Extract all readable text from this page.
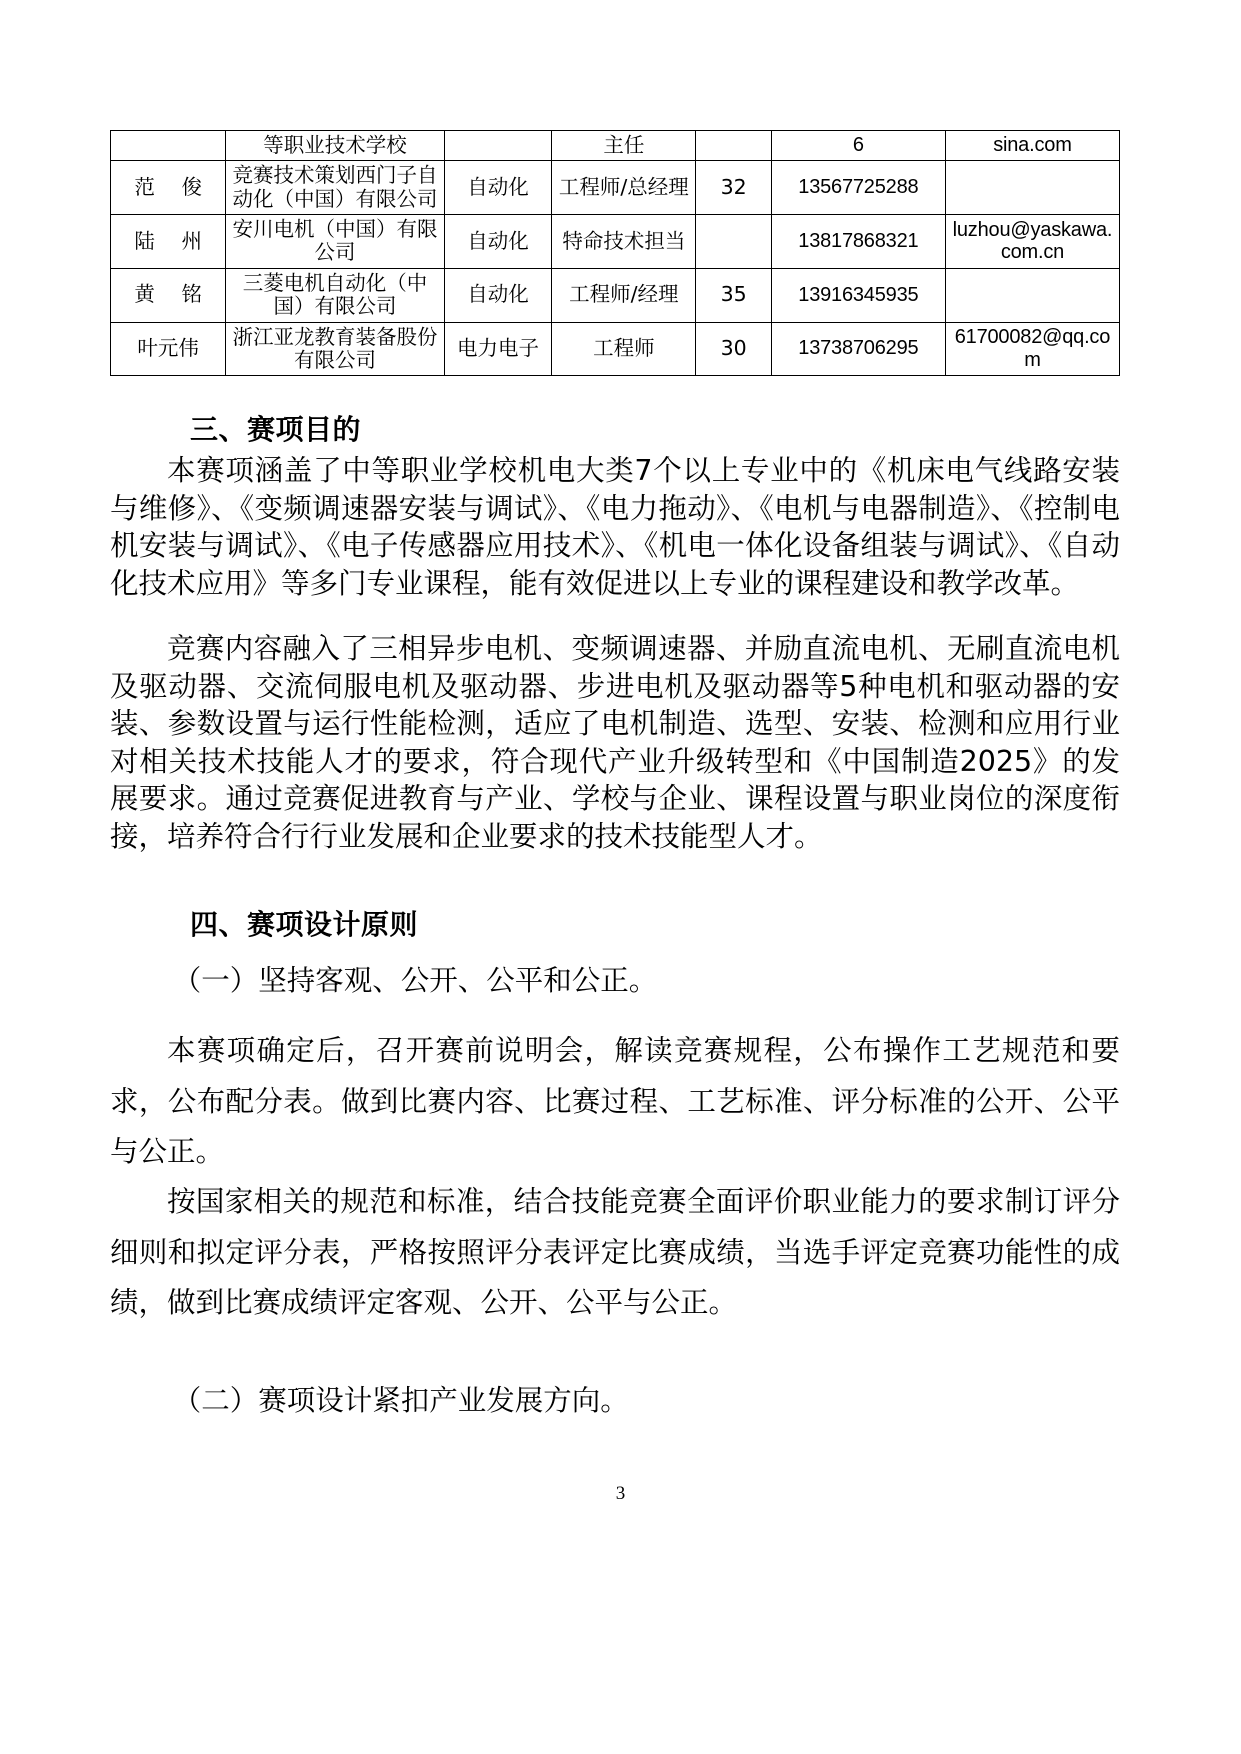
	等职业技术学校		主任		6	sina.com

范 俊	竞赛技术策划西门子自动化（中国）有限公司	自动化	工程师/总经理	32	13567725288	

陆 州	安川电机（中国）有限公司	自动化	特命技术担当		13817868321	luzhou@yaskawa.com.cn

黄 铭	三菱电机自动化（中国）有限公司	自动化	工程师/经理	35	13916345935	

叶元伟	浙江亚龙教育装备股份有限公司	电力电子	工程师	30	13738706295	61700082@qq.com
三、赛项目的
本赛项涵盖了中等职业学校机电大类7个以上专业中的《机床电气线路安装与维修》、《变频调速器安装与调试》、《电力拖动》、《电机与电器制造》、《控制电机安装与调试》、《电子传感器应用技术》、《机电一体化设备组装与调试》、《自动化技术应用》等多门专业课程，能有效促进以上专业的课程建设和教学改革。
竞赛内容融入了三相异步电机、变频调速器、并励直流电机、无刷直流电机及驱动器、交流伺服电机及驱动器、步进电机及驱动器等5种电机和驱动器的安装、参数设置与运行性能检测，适应了电机制造、选型、安装、检测和应用行业对相关技术技能人才的要求，符合现代产业升级转型和《中国制造2025》的发展要求。通过竞赛促进教育与产业、学校与企业、课程设置与职业岗位的深度衔接，培养符合行行业发展和企业要求的技术技能型人才。
四、赛项设计原则
（一）坚持客观、公开、公平和公正。
本赛项确定后，召开赛前说明会，解读竞赛规程，公布操作工艺规范和要求，公布配分表。做到比赛内容、比赛过程、工艺标准、评分标准的公开、公平与公正。
按国家相关的规范和标准，结合技能竞赛全面评价职业能力的要求制订评分细则和拟定评分表，严格按照评分表评定比赛成绩，当选手评定竞赛功能性的成绩，做到比赛成绩评定客观、公开、公平与公正。
（二）赛项设计紧扣产业发展方向。
3
